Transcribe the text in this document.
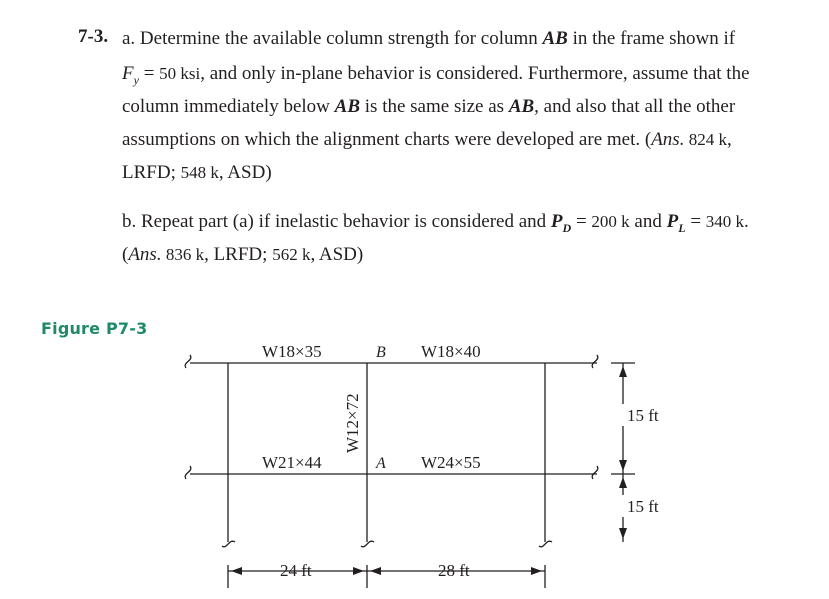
7-3. a. Determine the available column strength for column AB in the frame shown if
$F_y = 50$ ksi, and only in-plane behavior is considered. Furthermore, assume that the
column immediately below AB is the same size as AB, and also that all the other
assumptions on which the alignment charts were developed are met. (Ans. 824 k,
LRFD; 548 k, ASD)
b. Repeat part (a) if inelastic behavior is considered and $P_D = 200$ k and $P_L = 340$ k.
(Ans. 836 k, LRFD; 562 k, ASD)
Figure P7-3
W18×35	W18×40
W21×44	W24×55
B
A
W12×72	15 ft
15 ft
24 ft	28 ft
